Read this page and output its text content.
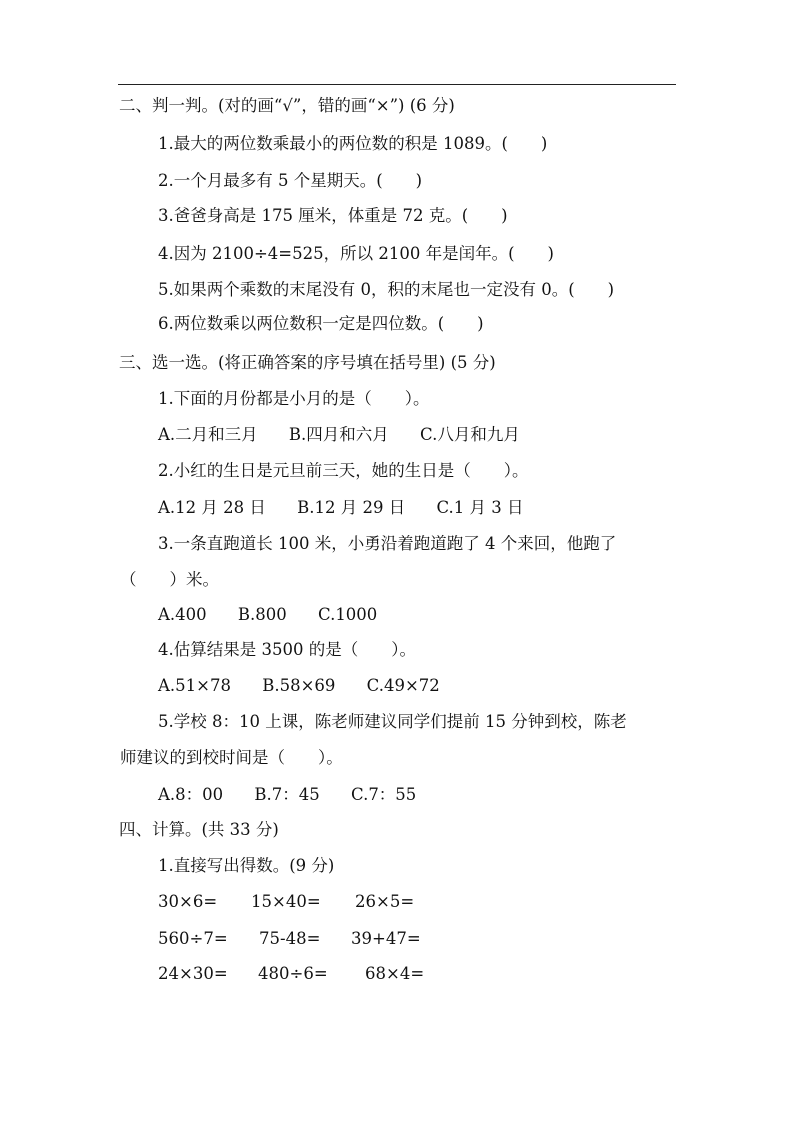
二、判一判。(对的画“√”，错的画“×”) (6 分)
1.最大的两位数乘最小的两位数的积是 1089。(　　)
2.一个月最多有 5 个星期天。(　　)
3.爸爸身高是 175 厘米，体重是 72 克。(　　)
4.因为 2100÷4=525，所以 2100 年是闰年。(　　)
5.如果两个乘数的末尾没有 0，积的末尾也一定没有 0。(　　)
6.两位数乘以两位数积一定是四位数。(　　)
三、选一选。(将正确答案的序号填在括号里) (5 分)
1.下面的月份都是小月的是（　　）。
A.二月和三月 B.四月和六月 C.八月和九月
2.小红的生日是元旦前三天，她的生日是（　　）。
A.12 月 28 日 B.12 月 29 日 C.1 月 3 日
3.一条直跑道长 100 米，小勇沿着跑道跑了 4 个来回，他跑了
（　　）米。
A.400 B.800 C.1000
4.估算结果是 3500 的是（　　）。
A.51×78 B.58×69 C.49×72
5.学校 8：10 上课，陈老师建议同学们提前 15 分钟到校，陈老
师建议的到校时间是（　　）。
A.8：00 B.7：45 C.7：55
四、计算。(共 33 分)
1.直接写出得数。(9 分)
30×6= 15×40= 26×5=
560÷7= 75-48= 39+47=
24×30= 480÷6= 68×4=
